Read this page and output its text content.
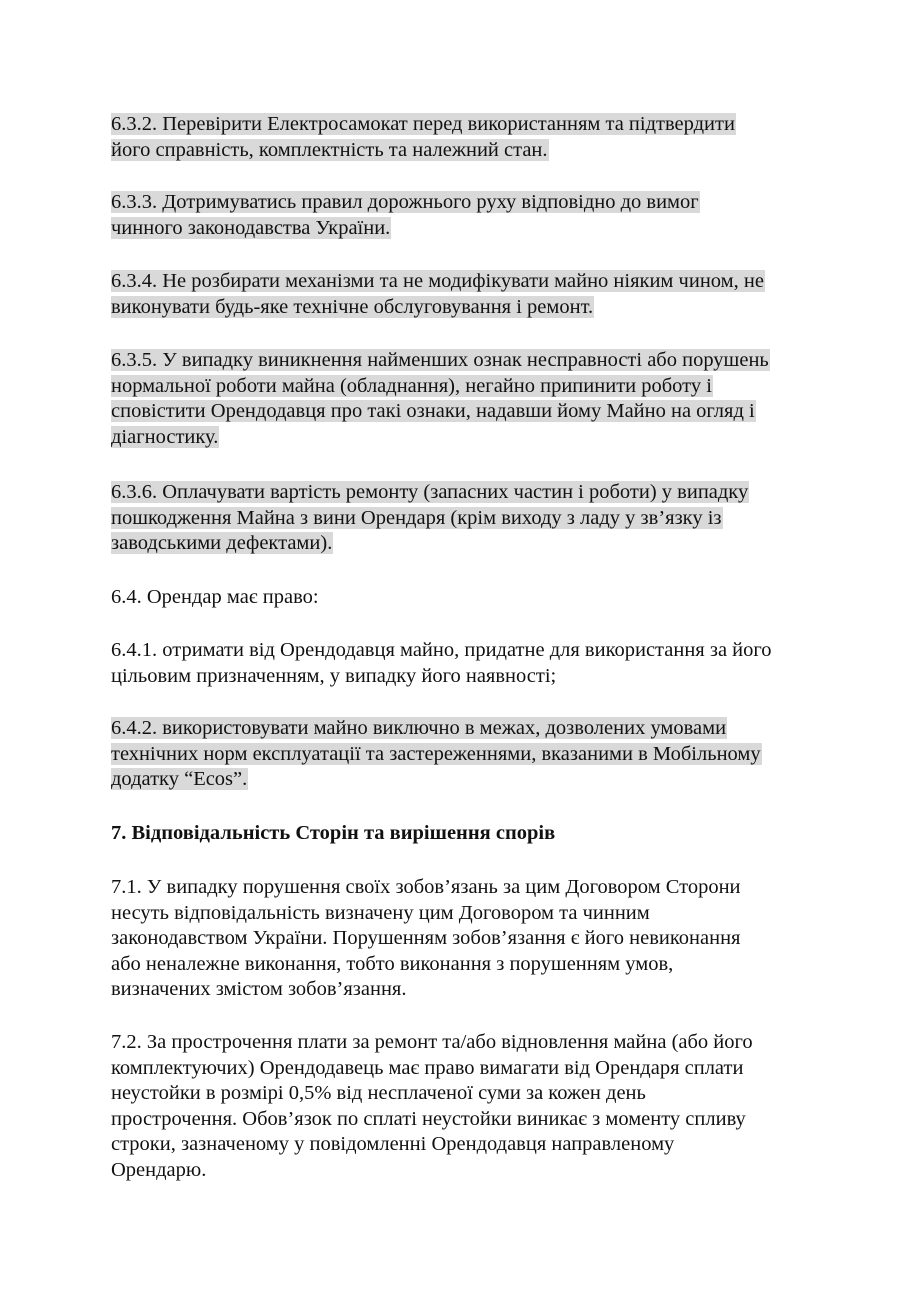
6.3.2. Перевірити Електросамокат перед використанням та підтвердити
його справність, комплектність та належний стан.

6.3.3. Дотримуватись правил дорожнього руху відповідно до вимог
чинного законодавства України.

6.3.4. Не розбирати механізми та не модифікувати майно ніяким чином, не
виконувати будь-яке технічне обслуговування і ремонт.

6.3.5. У випадку виникнення найменших ознак несправності або порушень
нормальної роботи майна (обладнання), негайно припинити роботу і
сповістити Орендодавця про такі ознаки, надавши йому Майно на огляд і
діагностику.

6.3.6. Оплачувати вартість ремонту (запасних частин і роботи) у випадку
пошкодження Майна з вини Орендаря (крім виходу з ладу у зв’язку із
заводськими дефектами).

6.4. Орендар має право:

6.4.1. отримати від Орендодавця майно, придатне для використання за його
цільовим призначенням, у випадку його наявності;

6.4.2. використовувати майно виключно в межах, дозволених умовами
технічних норм експлуатації та застереженнями, вказаними в Мобільному
додатку “Ecos”.

7. Відповідальність Сторін та вирішення спорів

7.1. У випадку порушення своїх зобов’язань за цим Договором Сторони
несуть відповідальність визначену цим Договором та чинним
законодавством України. Порушенням зобов’язання є його невиконання
або неналежне виконання, тобто виконання з порушенням умов,
визначених змістом зобов’язання.

7.2. За прострочення плати за ремонт та/або відновлення майна (або його
комплектуючих) Орендодавець має право вимагати від Орендаря сплати
неустойки в розмірі 0,5% від несплаченої суми за кожен день
прострочення. Обов’язок по сплаті неустойки виникає з моменту спливу
строки, зазначеному у повідомленні Орендодавця направленому
Орендарю.
